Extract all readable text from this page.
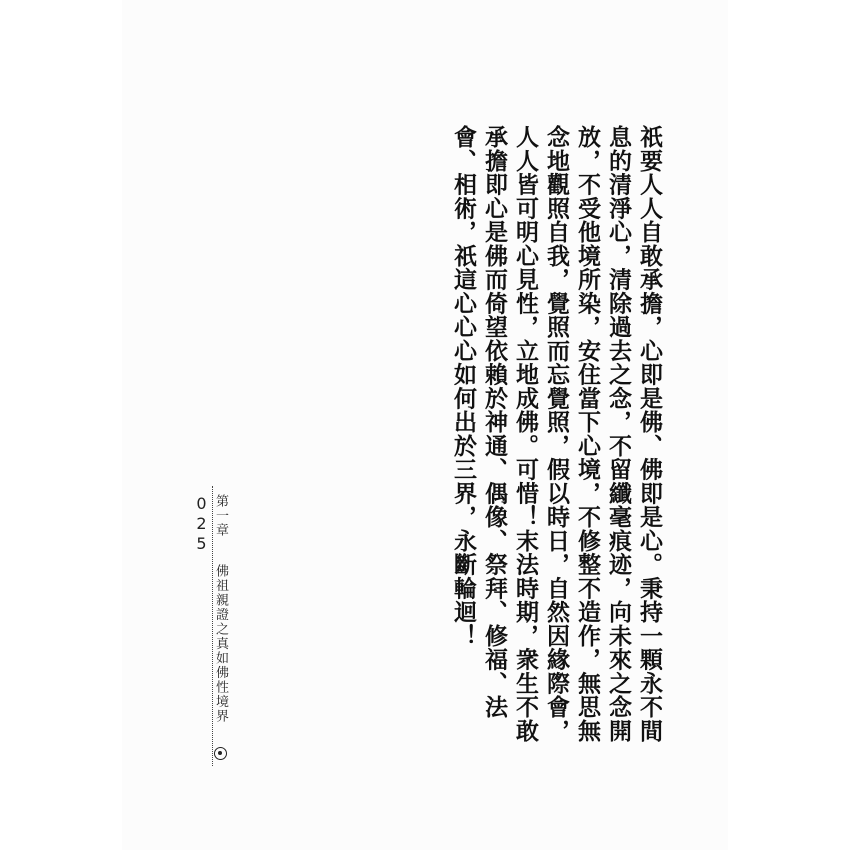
祇要人人自敢承擔，心即是佛、佛即是心。秉持一顆永不間息的清淨心，清除過去之念，不留纖毫痕迹，向未來之念開放，不受他境所染，安住當下心境，不修整不造作，無思無念地觀照自我，覺照而忘覺照，假以時日，自然因緣際會，人人皆可明心見性，立地成佛。可惜！末法時期，衆生不敢承擔即心是佛而倚望依賴於神通、偶像、祭拜、修福、法會、相術，祇這心心心如何出於三界，永斷輪迴！

第一章 佛祖親證之真如佛性境界  025
